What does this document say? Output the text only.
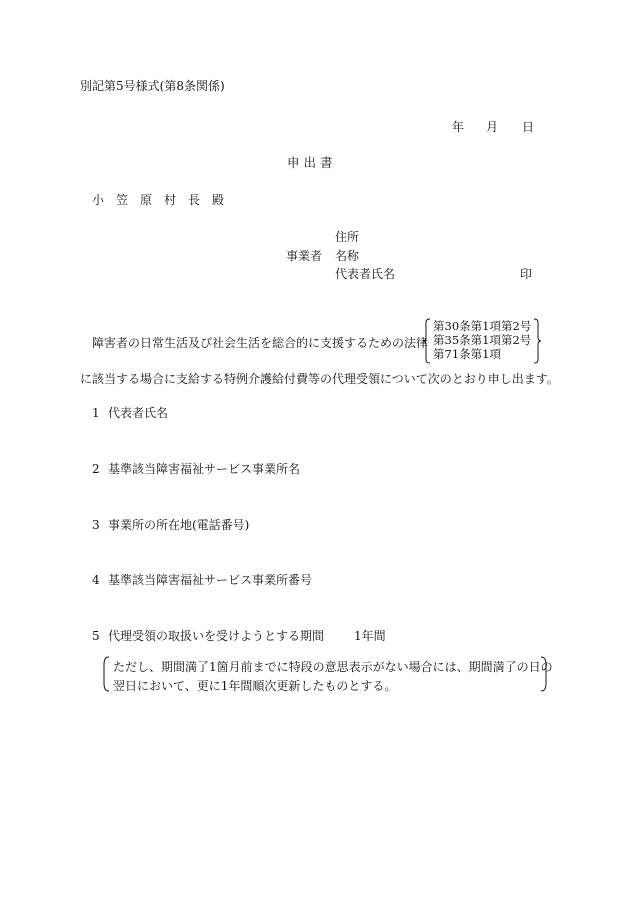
別記第5号様式(第8条関係)
年 月 日
申 出 書
小　笠　原　村　長　殿
住所
事業者 名称
代表者氏名	印
障害者の日常生活及び社会生活を総合的に支援するための法律
第30条第1項第2号
第35条第1項第2号
第71条第1項
に該当する場合に支給する特例介護給付費等の代理受領について次のとおり申し出ます。
1 代表者氏名
2 基準該当障害福祉サービス事業所名
3 事業所の所在地(電話番号)
4 基準該当障害福祉サービス事業所番号
5 代理受領の取扱いを受けようとする期間 1年間
ただし、期間満了1箇月前までに特段の意思表示がない場合には、期間満了の日の
翌日において、更に1年間順次更新したものとする。
